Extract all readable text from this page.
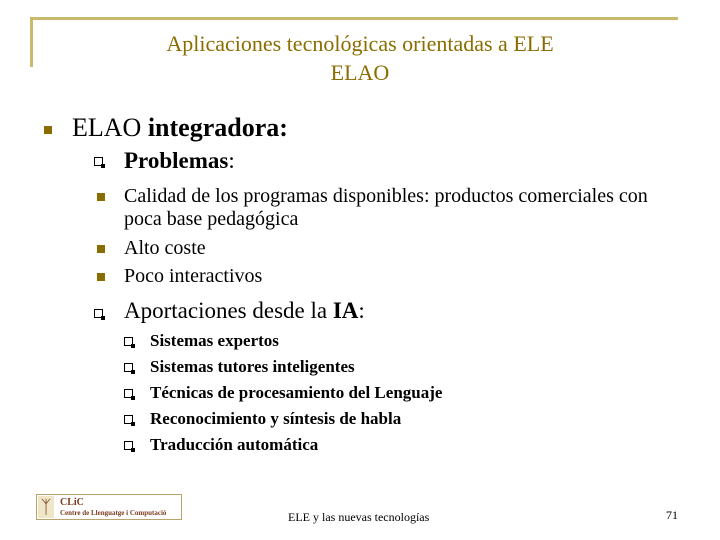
Aplicaciones tecnológicas orientadas a ELE
ELAO
ELAO integradora:
Problemas:
Calidad de los programas disponibles: productos comerciales con
poca base pedagógica
Alto coste
Poco interactivos
Aportaciones desde la IA:
Sistemas expertos
Sistemas tutores inteligentes
Técnicas de procesamiento del Lenguaje
Reconocimiento y síntesis de habla
Traducción automática
ᛉ CLiC
Centre de Llenguatge i Computació	ELE y las nuevas tecnologías	71
